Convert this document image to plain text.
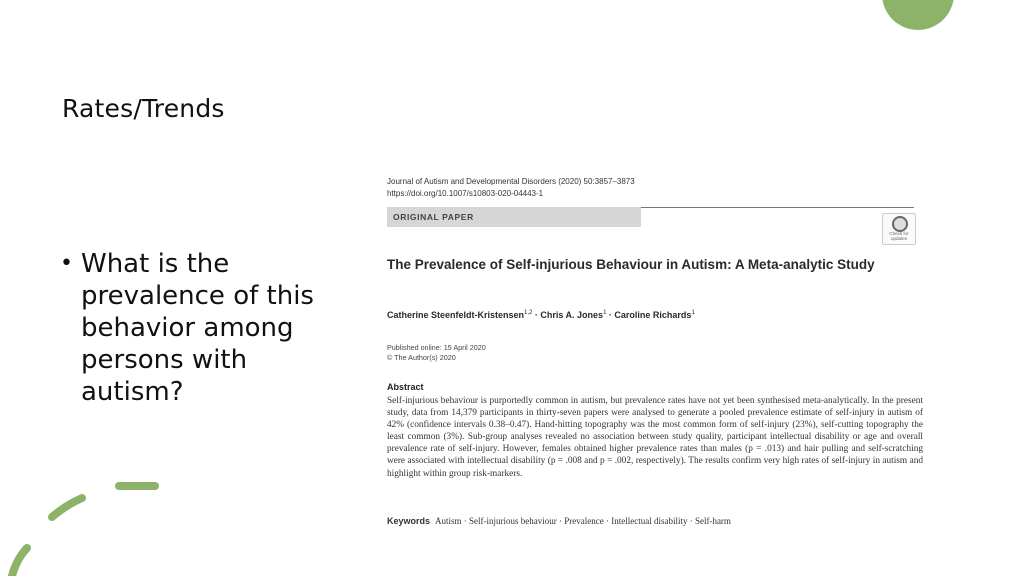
Rates/Trends
• What is the prevalence of this behavior among persons with autism?
Journal of Autism and Developmental Disorders (2020) 50:3857–3873
https://doi.org/10.1007/s10803-020-04443-1
ORIGINAL PAPER
Check for updates
The Prevalence of Self-injurious Behaviour in Autism: A Meta-analytic Study
Catherine Steenfeldt-Kristensen$^{1,2}$ · Chris A. Jones$^1$ · Caroline Richards$^1$
Published online: 15 April 2020
© The Author(s) 2020
Abstract
Self-injurious behaviour is purportedly common in autism, but prevalence rates have not yet been synthesised meta-analytically. In the present study, data from 14,379 participants in thirty-seven papers were analysed to generate a pooled prevalence estimate of self-injury in autism of 42% (confidence intervals 0.38–0.47). Hand-hitting topography was the most common form of self-injury (23%), self-cutting topography the least common (3%). Sub-group analyses revealed no association between study quality, participant intellectual disability or age and overall prevalence rate of self-injury. However, females obtained higher prevalence rates than males (p = .013) and hair pulling and self-scratching were associated with intellectual disability (p = .008 and p = .002, respectively). The results confirm very high rates of self-injury in autism and highlight within group risk-markers.
Keywords Autism · Self-injurious behaviour · Prevalence · Intellectual disability · Self-harm
